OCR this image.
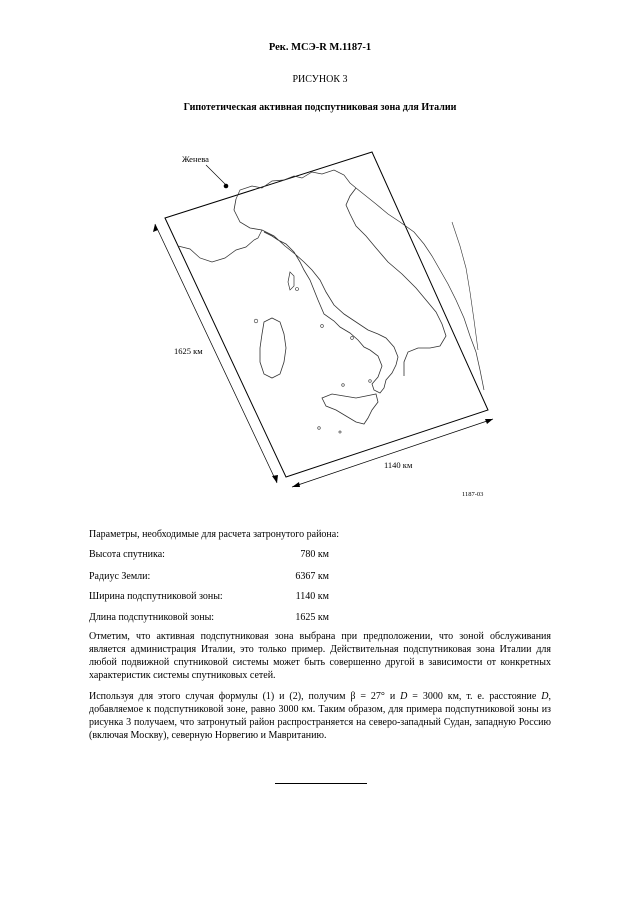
Рек. МСЭ-R M.1187-1
РИСУНОК 3
Гипотетическая активная подспутниковая зона для Италии
Женева
1625 км
1140 км
1187-03
Параметры, необходимые для расчета затронутого района:
Высота спутника:	780 км
Радиус Земли:	6367 км
Ширина подспутниковой зоны:	1140 км
Длина подспутниковой зоны:	1625 км
Отметим, что активная подспутниковая зона выбрана при предположении, что зоной обслуживания является администрация Италии, это только пример. Действительная подспутниковая зона Италии для любой подвижной спутниковой системы может быть совершенно другой в зависимости от конкретных характеристик системы спутниковых сетей.
Используя для этого случая формулы (1) и (2), получим β = 27° и D = 3000 км, т. е. расстояние D, добавляемое к подспутниковой зоне, равно 3000 км. Таким образом, для примера подспутниковой зоны из рисунка 3 получаем, что затронутый район распространяется на северо-западный Судан, западную Россию (включая Москву), северную Норвегию и Мавританию.
